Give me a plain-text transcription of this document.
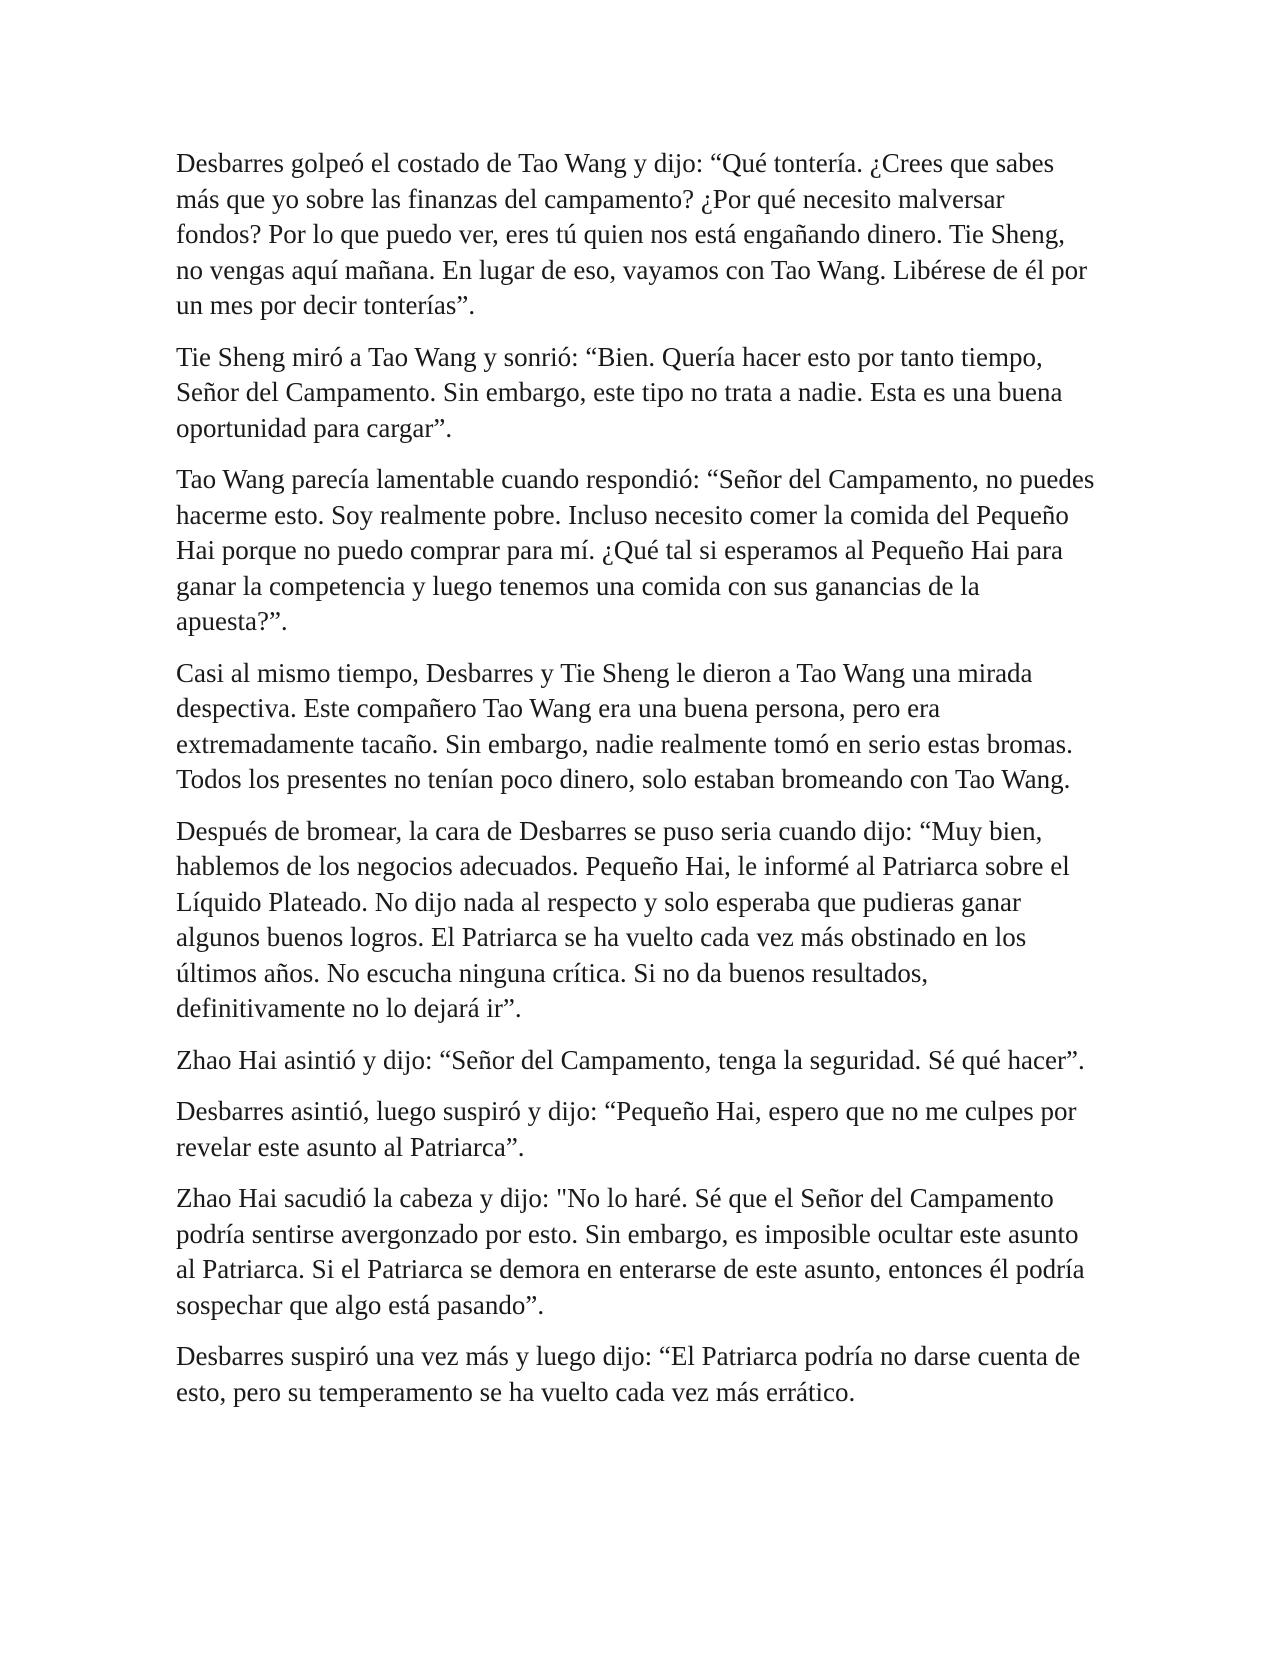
Desbarres golpeó el costado de Tao Wang y dijo: “Qué tontería. ¿Crees que sabes más que yo sobre las finanzas del campamento? ¿Por qué necesito malversar fondos? Por lo que puedo ver, eres tú quien nos está engañando dinero. Tie Sheng, no vengas aquí mañana. En lugar de eso, vayamos con Tao Wang. Libérese de él por un mes por decir tonterías”.

Tie Sheng miró a Tao Wang y sonrió: “Bien. Quería hacer esto por tanto tiempo, Señor del Campamento. Sin embargo, este tipo no trata a nadie. Esta es una buena oportunidad para cargar”.

Tao Wang parecía lamentable cuando respondió: “Señor del Campamento, no puedes hacerme esto. Soy realmente pobre. Incluso necesito comer la comida del Pequeño Hai porque no puedo comprar para mí. ¿Qué tal si esperamos al Pequeño Hai para ganar la competencia y luego tenemos una comida con sus ganancias de la apuesta?”.

Casi al mismo tiempo, Desbarres y Tie Sheng le dieron a Tao Wang una mirada despectiva. Este compañero Tao Wang era una buena persona, pero era extremadamente tacaño. Sin embargo, nadie realmente tomó en serio estas bromas. Todos los presentes no tenían poco dinero, solo estaban bromeando con Tao Wang.

Después de bromear, la cara de Desbarres se puso seria cuando dijo: “Muy bien, hablemos de los negocios adecuados. Pequeño Hai, le informé al Patriarca sobre el Líquido Plateado. No dijo nada al respecto y solo esperaba que pudieras ganar algunos buenos logros. El Patriarca se ha vuelto cada vez más obstinado en los últimos años. No escucha ninguna crítica. Si no da buenos resultados, definitivamente no lo dejará ir”.

Zhao Hai asintió y dijo: “Señor del Campamento, tenga la seguridad. Sé qué hacer”.

Desbarres asintió, luego suspiró y dijo: “Pequeño Hai, espero que no me culpes por revelar este asunto al Patriarca”.

Zhao Hai sacudió la cabeza y dijo: "No lo haré. Sé que el Señor del Campamento podría sentirse avergonzado por esto. Sin embargo, es imposible ocultar este asunto al Patriarca. Si el Patriarca se demora en enterarse de este asunto, entonces él podría sospechar que algo está pasando”.

Desbarres suspiró una vez más y luego dijo: “El Patriarca podría no darse cuenta de esto, pero su temperamento se ha vuelto cada vez más errático.
